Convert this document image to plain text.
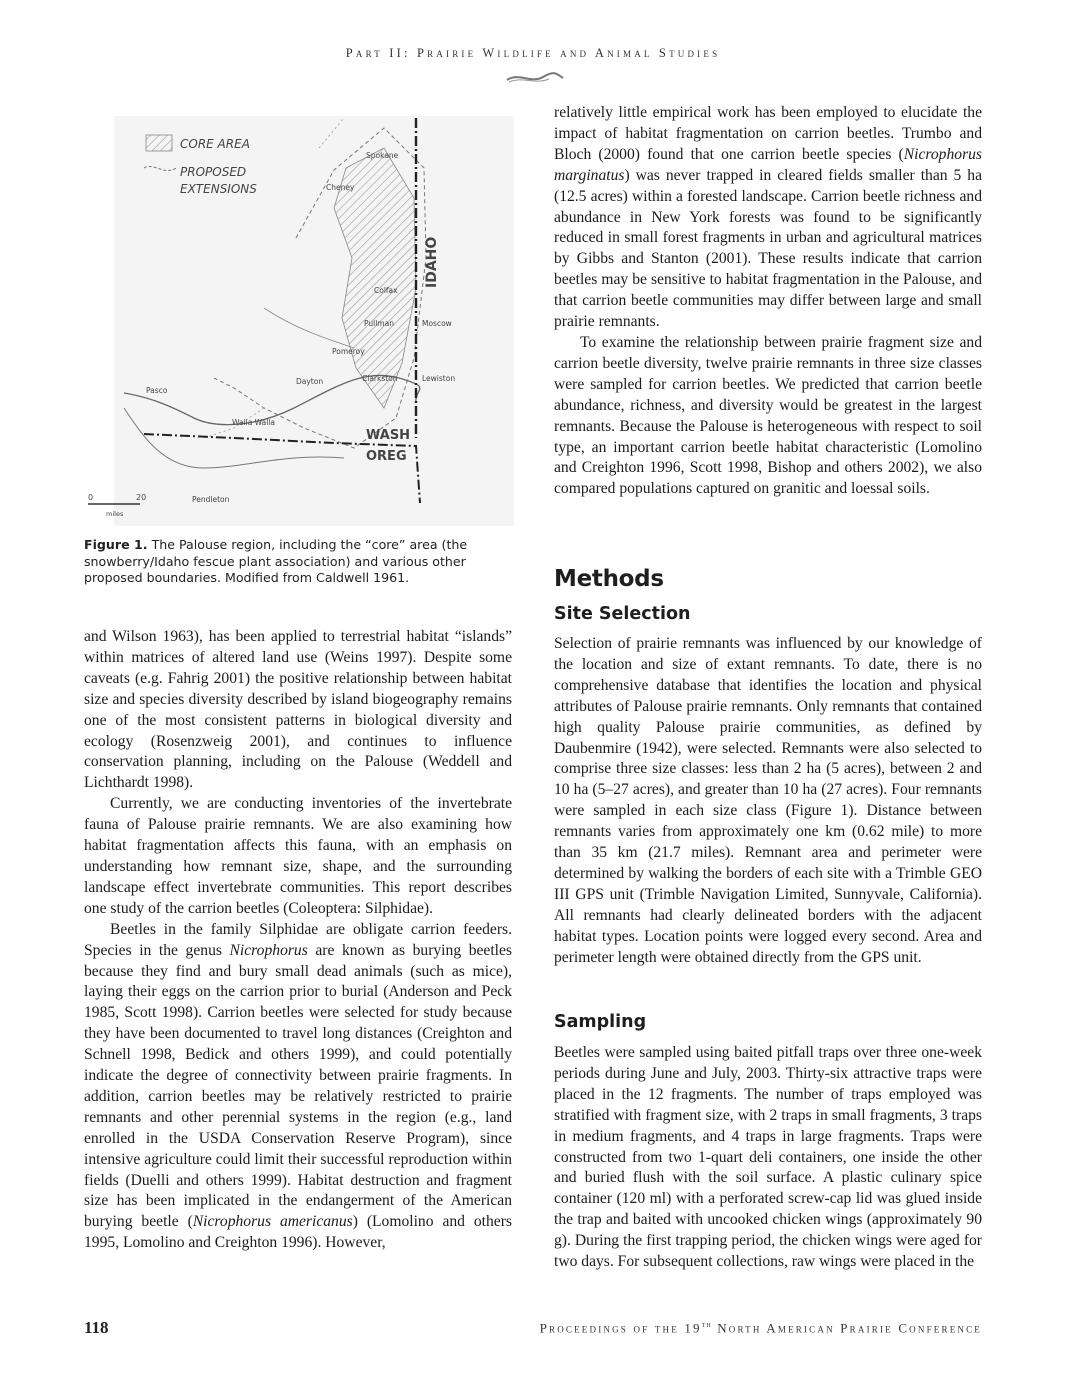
Part II: Prairie Wildlife and Animal Studies
CORE AREA
PROPOSED
EXTENSIONS
Spokane
Cheney
Colfax
Pullman	Moscow
Pomeroy
Dayton	Clarkston	Lewiston
Pasco
Walla Walla
Pendleton
IDAHO
WASH
OREG
0	20
miles
Figure 1. The Palouse region, including the “core” area (the snowberry/Idaho fescue plant association) and various other proposed boundaries. Modified from Caldwell 1961.

and Wilson 1963), has been applied to terrestrial habitat “islands” within matrices of altered land use (Weins 1997). Despite some caveats (e.g. Fahrig 2001) the positive relationship between habitat size and species diversity described by island biogeography remains one of the most consistent patterns in biological diversity and ecology (Rosenzweig 2001), and continues to influence conservation planning, including on the Palouse (Weddell and Lichthardt 1998).

Currently, we are conducting inventories of the invertebrate fauna of Palouse prairie remnants. We are also examining how habitat fragmentation affects this fauna, with an emphasis on understanding how remnant size, shape, and the surrounding landscape effect invertebrate communities. This report describes one study of the carrion beetles (Coleoptera: Silphidae).

Beetles in the family Silphidae are obligate carrion feeders. Species in the genus Nicrophorus are known as burying beetles because they find and bury small dead animals (such as mice), laying their eggs on the carrion prior to burial (Anderson and Peck 1985, Scott 1998). Carrion beetles were selected for study because they have been documented to travel long distances (Creighton and Schnell 1998, Bedick and others 1999), and could potentially indicate the degree of connectivity between prairie fragments. In addition, carrion beetles may be relatively restricted to prairie remnants and other perennial systems in the region (e.g., land enrolled in the USDA Conservation Reserve Program), since intensive agriculture could limit their successful reproduction within fields (Duelli and others 1999). Habitat destruction and fragment size has been implicated in the endangerment of the American burying beetle (Nicrophorus americanus) (Lomolino and others 1995, Lomolino and Creighton 1996). However,

relatively little empirical work has been employed to elucidate the impact of habitat fragmentation on carrion beetles. Trumbo and Bloch (2000) found that one carrion beetle species (Nicrophorus marginatus) was never trapped in cleared fields smaller than 5 ha (12.5 acres) within a forested landscape. Carrion beetle richness and abundance in New York forests was found to be significantly reduced in small forest fragments in urban and agricultural matrices by Gibbs and Stanton (2001). These results indicate that carrion beetles may be sensitive to habitat fragmentation in the Palouse, and that carrion beetle communities may differ between large and small prairie remnants.

To examine the relationship between prairie fragment size and carrion beetle diversity, twelve prairie remnants in three size classes were sampled for carrion beetles. We predicted that carrion beetle abundance, richness, and diversity would be greatest in the largest remnants. Because the Palouse is heterogeneous with respect to soil type, an important carrion beetle habitat characteristic (Lomolino and Creighton 1996, Scott 1998, Bishop and others 2002), we also compared populations captured on granitic and loessal soils.

Methods
Site Selection

Selection of prairie remnants was influenced by our knowledge of the location and size of extant remnants. To date, there is no comprehensive database that identifies the location and physical attributes of Palouse prairie remnants. Only remnants that contained high quality Palouse prairie communities, as defined by Daubenmire (1942), were selected. Remnants were also selected to comprise three size classes: less than 2 ha (5 acres), between 2 and 10 ha (5–27 acres), and greater than 10 ha (27 acres). Four remnants were sampled in each size class (Figure 1). Distance between remnants varies from approximately one km (0.62 mile) to more than 35 km (21.7 miles). Remnant area and perimeter were determined by walking the borders of each site with a Trimble GEO III GPS unit (Trimble Navigation Limited, Sunnyvale, California). All remnants had clearly delineated borders with the adjacent habitat types. Location points were logged every second. Area and perimeter length were obtained directly from the GPS unit.

Sampling

Beetles were sampled using baited pitfall traps over three one-week periods during June and July, 2003. Thirty-six attractive traps were placed in the 12 fragments. The number of traps employed was stratified with fragment size, with 2 traps in small fragments, 3 traps in medium fragments, and 4 traps in large fragments. Traps were constructed from two 1-quart deli containers, one inside the other and buried flush with the soil surface. A plastic culinary spice container (120 ml) with a perforated screw-cap lid was glued inside the trap and baited with uncooked chicken wings (approximately 90 g). During the first trapping period, the chicken wings were aged for two days. For subsequent collections, raw wings were placed in the

118	Proceedings of the 19th North American Prairie Conference
